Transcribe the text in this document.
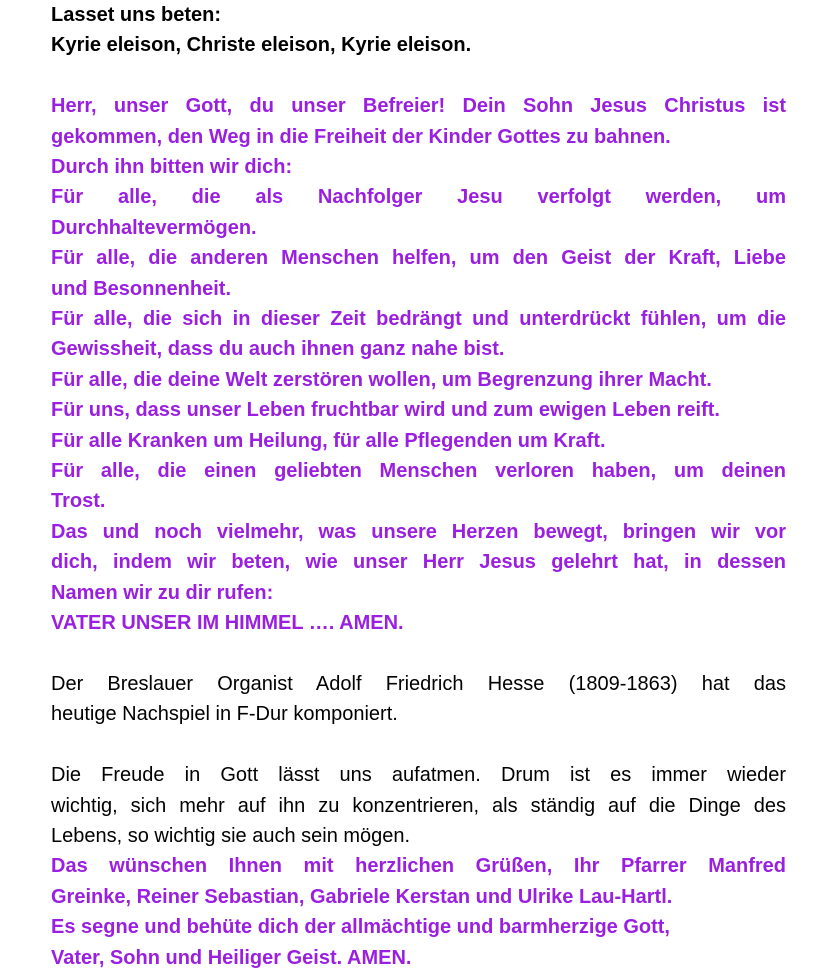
Lasset uns beten:
Kyrie eleison, Christe eleison, Kyrie eleison.
Herr, unser Gott, du unser Befreier! Dein Sohn Jesus Christus ist
gekommen, den Weg in die Freiheit der Kinder Gottes zu bahnen.
Durch ihn bitten wir dich:
Für alle, die als Nachfolger Jesu verfolgt werden, um
Durchhaltevermögen.
Für alle, die anderen Menschen helfen, um den Geist der Kraft, Liebe
und Besonnenheit.
Für alle, die sich in dieser Zeit bedrängt und unterdrückt fühlen, um die
Gewissheit, dass du auch ihnen ganz nahe bist.
Für alle, die deine Welt zerstören wollen, um Begrenzung ihrer Macht.
Für uns, dass unser Leben fruchtbar wird und zum ewigen Leben reift.
Für alle Kranken um Heilung, für alle Pflegenden um Kraft.
Für alle, die einen geliebten Menschen verloren haben, um deinen
Trost.
Das und noch vielmehr, was unsere Herzen bewegt, bringen wir vor
dich, indem wir beten, wie unser Herr Jesus gelehrt hat, in dessen
Namen wir zu dir rufen:
VATER UNSER IM HIMMEL …. AMEN.
Der Breslauer Organist Adolf Friedrich Hesse (1809-1863) hat das
heutige Nachspiel in F-Dur komponiert.
Die Freude in Gott lässt uns aufatmen. Drum ist es immer wieder
wichtig, sich mehr auf ihn zu konzentrieren, als ständig auf die Dinge des
Lebens, so wichtig sie auch sein mögen.
Das wünschen Ihnen mit herzlichen Grüßen, Ihr Pfarrer Manfred
Greinke, Reiner Sebastian, Gabriele Kerstan und Ulrike Lau-Hartl.
Es segne und behüte dich der allmächtige und barmherzige Gott,
Vater, Sohn und Heiliger Geist. AMEN.
